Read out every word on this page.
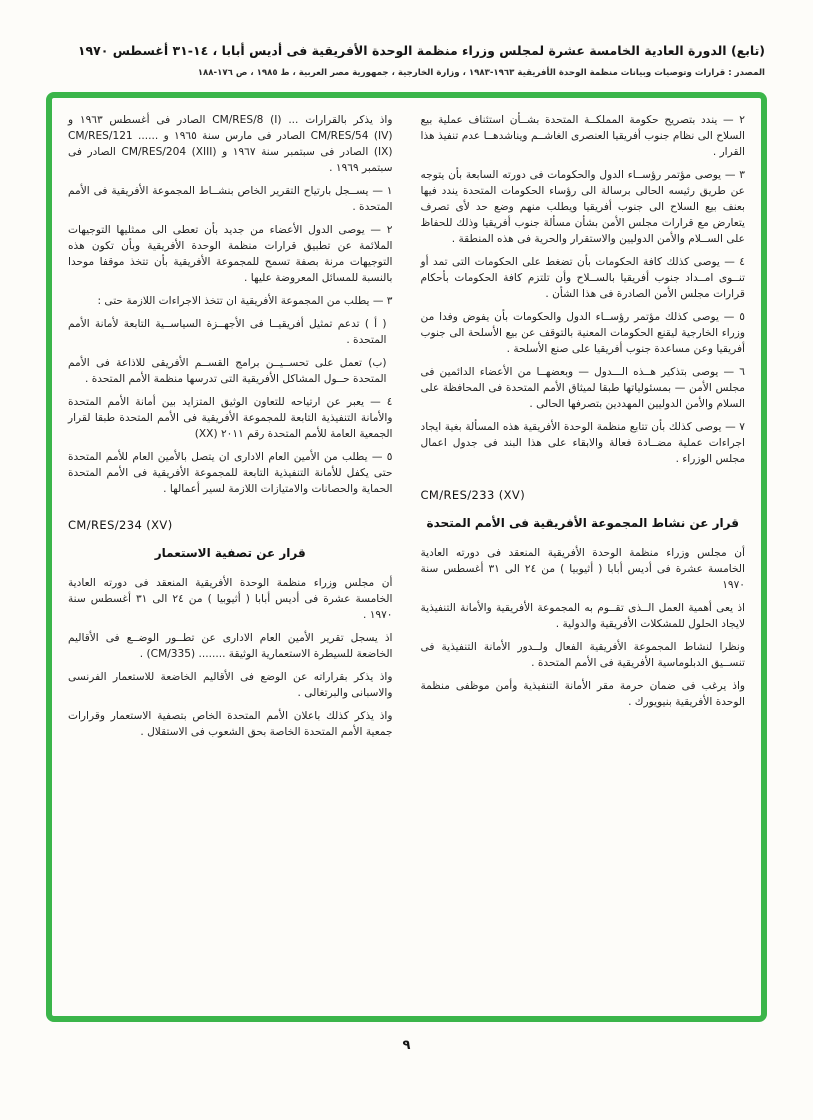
(تابع) الدورة العادية الخامسة عشرة لمجلس وزراء منظمة الوحدة الأفريقية فى أديس أبابا ، ١٤-٣١ أغسطس ١٩٧٠
المصدر : قرارات وتوصيات وبيانات منظمة الوحدة الأفريقية ١٩٦٣-١٩٨٣ ، وزارة الخارجية ، جمهورية مصر العربية ، ط ١٩٨٥ ، ص ١٧٦-١٨٨

٢ — يندد بتصريح حكومة المملكــة المتحدة بشــأن استئناف عملية بيع السلاح الى نظام جنوب أفريقيا العنصرى الغاشــم ويناشدهــا عدم تنفيذ هذا القرار .

٣ — يوصى مؤتمر رؤســاء الدول والحكومات فى دورته السابعة بأن يتوجه عن طريق رئيسه الحالى برسالة الى رؤساء الحكومات المتحدة يندد فيها بعنف بيع السلاح الى جنوب أفريقيا ويطلب منهم وضع حد لأى تصرف يتعارض مع قرارات مجلس الأمن بشأن مسألة جنوب أفريقيا وذلك للحفاظ على الســلام والأمن الدوليين والاستقرار والحرية فى هذه المنطقة .

٤ — يوصى كذلك كافة الحكومات بأن تضغط على الحكومات التى تمد أو تنــوى امــداد جنوب أفريقيا بالســلاح وأن تلتزم كافة الحكومات بأحكام قرارات مجلس الأمن الصادرة فى هذا الشأن .

٥ — يوصى كذلك مؤتمر رؤســاء الدول والحكومات بأن يفوض وفدا من وزراء الخارجية ليقنع الحكومات المعنية بالتوقف عن بيع الأسلحة الى جنوب أفريقيا وعن مساعدة جنوب أفريقيا على صنع الأسلحة .

٦ — يوصى بتذكير هــذه الـــدول — وبعضهــا من الأعضاء الدائمين فى مجلس الأمن — بمسئولياتها طبقا لميثاق الأمم المتحدة فى المحافظة على السلام والأمن الدوليين المهددين بتصرفها الحالى .

٧ — يوصى كذلك بأن تتابع منظمة الوحدة الأفريقية هذه المسألة بغية ايجاد اجراءات عملية مضــادة فعالة والابقاء على هذا البند فى جدول اعمال مجلس الوزراء .

CM/RES/233 (XV)

قرار عن نشاط المجموعة الأفريقية فى الأمم المتحدة

أن مجلس وزراء منظمة الوحدة الأفريقية المنعقد فى دورته العادية الخامسة عشرة فى أديس أبابا ( أثيوبيا ) من ٢٤ الى ٣١ أغسطس سنة ١٩٧٠

اذ يعى أهمية العمل الــذى تقــوم به المجموعة الأفريقية والأمانة التنفيذية لايجاد الحلول للمشكلات الأفريقية والدولية .

ونظرا لنشاط المجموعة الأفريقية الفعال ولــدور الأمانة التنفيذية فى تنســيق الدبلوماسية الأفريقية فى الأمم المتحدة .

واذ يرغب فى ضمان حرمة مقر الأمانة التنفيذية وأمن موظفى منظمة الوحدة الأفريقية بنيويورك .

واذ يذكر بالقرارات ... CM/RES/8 (I) الصادر فى أغسطس ١٩٦٣ و CM/RES/54 (IV) الصادر فى مارس سنة ١٩٦٥ و ...... CM/RES/121 (IX) الصادر فى سبتمبر سنة ١٩٦٧ و CM/RES/204 (XIII) الصادر فى سبتمبر ١٩٦٩ .

١ — يســجل بارتياح التقرير الخاص بنشــاط المجموعة الأفريقية فى الأمم المتحدة .

٢ — يوصى الدول الأعضاء من جديد بأن تعطى الى ممثليها التوجيهات الملائمة عن تطبيق قرارات منظمة الوحدة الأفريقية وبأن تكون هذه التوجيهات مرنة بصفة تسمح للمجموعة الأفريقية بأن تتخذ موقفا موحدا بالنسبة للمسائل المعروضة عليها .

٣ — يطلب من المجموعة الأفريقية ان تتخذ الاجراءات اللازمة حتى :

( أ ) تدعم تمثيل أفريقيــا فى الأجهــزة السياســية التابعة لأمانة الأمم المتحدة .

(ب) تعمل على تحســيــن برامج القســم الأفريقى للاذاعة فى الأمم المتحدة حــول المشاكل الأفريقية التى تدرسها منظمة الأمم المتحدة .

٤ — يعبر عن ارتياحه للتعاون الوثيق المتزايد بين أمانة الأمم المتحدة والأمانة التنفيذية التابعة للمجموعة الأفريقية فى الأمم المتحدة طبقا لقرار الجمعية العامة للأمم المتحدة رقم ٢٠١١ (XX)

٥ — يطلب من الأمين العام الادارى ان يتصل بالأمين العام للأمم المتحدة حتى يكفل للأمانة التنفيذية التابعة للمجموعة الأفريقية فى الأمم المتحدة الحماية والحصانات والامتيازات اللازمة لسير أعمالها .

CM/RES/234 (XV)

قرار عن تصفية الاستعمار

أن مجلس وزراء منظمة الوحدة الأفريقية المنعقد فى دورته العادية الخامسة عشرة فى أديس أبابا ( أثيوبيا ) من ٢٤ الى ٣١ أغسطس سنة ١٩٧٠ .

اذ يسجل تقرير الأمين العام الادارى عن تطــور الوضــع فى الأقاليم الخاضعة للسيطرة الاستعمارية الوثيقة ........ (CM/335) .

واذ يذكر بقراراته عن الوضع فى الأقاليم الخاضعة للاستعمار الفرنسى والاسبانى والبرتغالى .

واذ يذكر كذلك باعلان الأمم المتحدة الخاص بتصفية الاستعمار وقرارات جمعية الأمم المتحدة الخاصة بحق الشعوب فى الاستقلال .

٩
